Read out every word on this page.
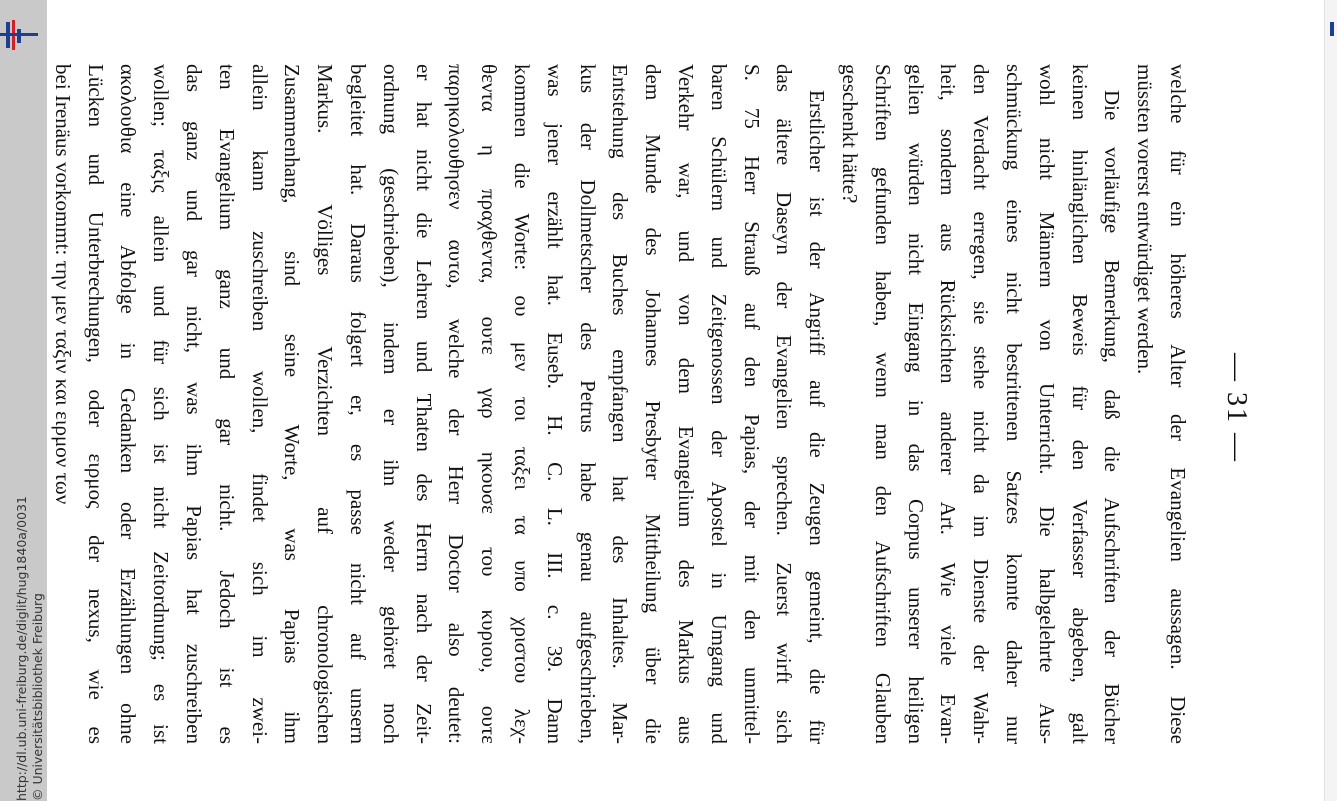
http://dl.ub.uni-freiburg.de/diglit/hug1840a/0031 © Universitätsbibliothek Freiburg
— 31 —
welche für ein höheres Alter der Evangelien aussagen. Diese
müssten vorerst entwürdiget werden.
Die vorläufige Bemerkung, daß die Aufschriften der Bücher
keinen hinlänglichen Beweis für den Verfasser abgeben, galt
wohl nicht Männern von Unterricht. Die halbgelehrte Aus-
schmückung eines nicht bestrittenen Satzes konnte daher nur
den Verdacht erregen, sie stehe nicht da im Dienste der Wahr-
heit, sondern aus Rücksichten anderer Art. Wie viele Evan-
gelien würden nicht Eingang in das Corpus unserer heiligen
Schriften gefunden haben, wenn man den Aufschriften Glauben
geschenkt hätte?
Erstlicher ist der Angriff auf die Zeugen gemeint, die für
das ältere Daseyn der Evangelien sprechen. Zuerst wirft sich
S. 75 Herr Strauß auf den Papias, der mit den unmittel-
baren Schülern und Zeitgenossen der Apostel in Umgang und
Verkehr war, und von dem Evangelium des Markus aus
dem Munde des Johannes Presbyter Mittheilung über die
Entstehung des Buches empfangen hat des Inhaltes. Mar-
kus der Dollmetscher des Petrus habe genau aufgeschrieben,
was jener erzählt hat. Euseb. H. C. L. III. c. 39. Dann
kommen die Worte: ου μεν τοι ταξει τα υπο χριστου λεχ-
θεντα η πραχθεντα, ουτε γαρ ηκουσε του κυριου, ουτε
παρηκολουθησεν αυτω, welche der Herr Doctor also deutet:
er hat nicht die Lehren und Thaten des Herrn nach der Zeit-
ordnung (geschrieben), indem er ihn weder gehöret noch
begleitet hat. Daraus folgert er, es passe nicht auf unsern
Markus. Völliges Verzichten auf chronologischen
Zusammenhang, sind seine Worte, was Papias ihm
allein kann zuschreiben wollen, findet sich im zwei-
ten Evangelium ganz und gar nicht. Jedoch ist es
das ganz und gar nicht, was ihm Papias hat zuschreiben
wollen; ταξις allein und für sich ist nicht Zeitordnung; es ist
ακολουθια eine Abfolge in Gedanken oder Erzählungen ohne
Lücken und Unterbrechungen, oder ειρμος der nexus, wie es
bei Irenäus vorkommt: την μεν ταξιν και ειρμον των
